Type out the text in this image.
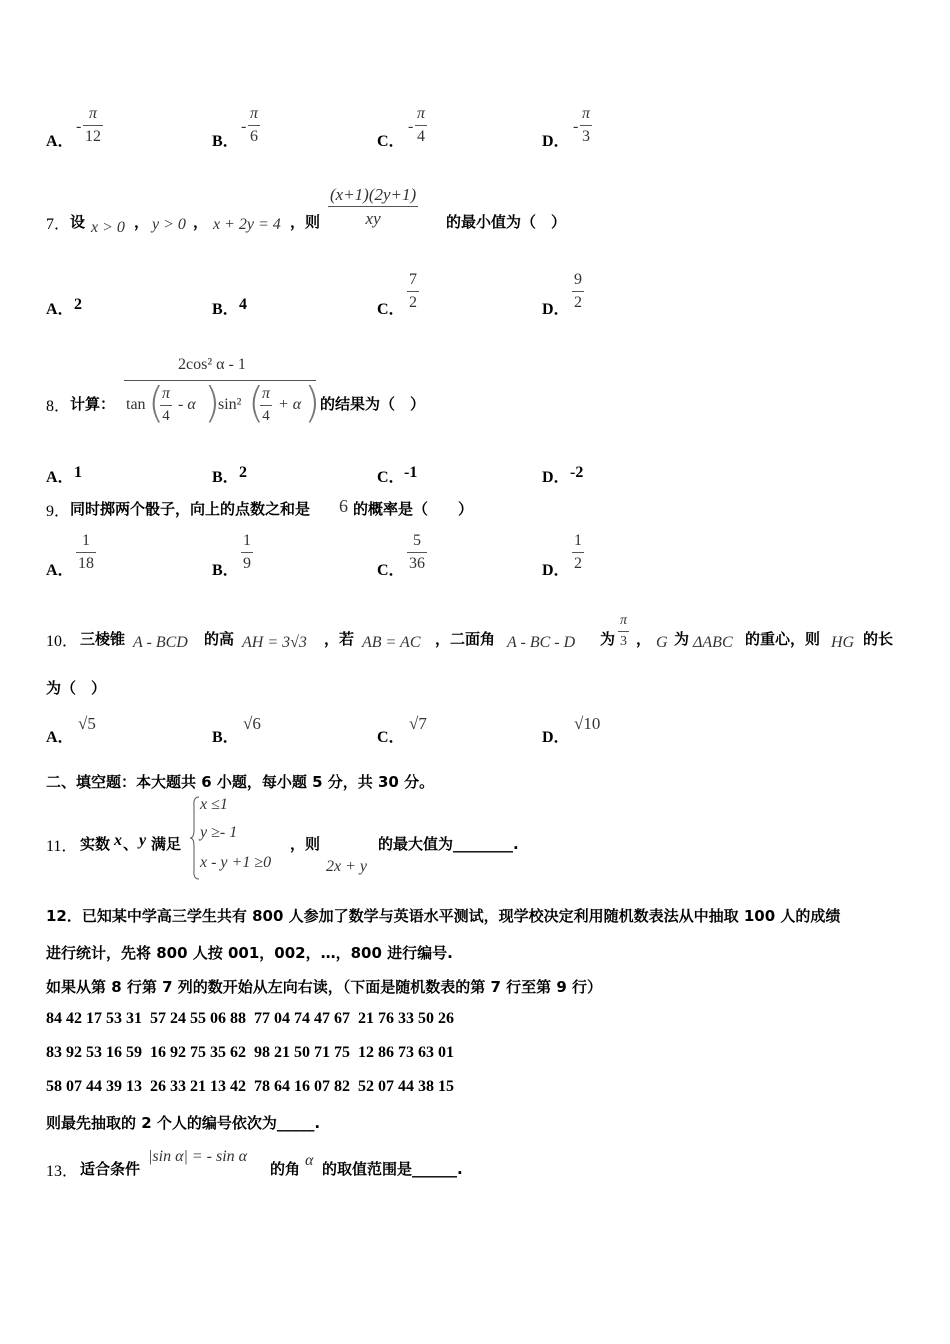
A．
-
π
12	B．
-
π
6	C．
-
π
4	D．
-
π
3
7． 设 x > 0 ， y > 0 ， x + 2y = 4 ，则
(x+1)(2y+1)
xy	的最小值为（　）
A． 2	B． 4	C．
7
2	D．
9
2
8． 计算：
2cos² α - 1
tan (
π
4
- α )
sin² (
π
4
+ α ) 的结果为（　）
A． 1	B． 2	C． -1	D． -2
9． 同时掷两个骰子，向上的点数之和是 6 的概率是（　　）
A．
1
18	B．
1
9	C．
5
36	D．
1
2
10． 三棱锥 A - BCD 的高 AH = 3√3 ，若 AB = AC ，二面角 A - BC - D 为
π
3 ， G 为 ΔABC 的重心，则 HG 的长
为（　）
A．
√5
B．
√6
C．
√7
D．
√10
二、填空题：本大题共 6 小题，每小题 5 分，共 30 分。
11． 实数 x 、 y 满足
x ≤1
y ≥- 1
x - y +1 ≥0
，则
2x + y
的最大值为________.
12．已知某中学高三学生共有 800 人参加了数学与英语水平测试，现学校决定利用随机数表法从中抽取 100 人的成绩
进行统计，先将 800 人按 001，002，…，800 进行编号.
如果从第 8 行第 7 列的数开始从左向右读，（下面是随机数表的第 7 行至第 9 行）
84 42 17 53 31  57 24 55 06 88  77 04 74 47 67  21 76 33 50 26
83 92 53 16 59  16 92 75 35 62  98 21 50 71 75  12 86 73 63 01
58 07 44 39 13  26 33 21 13 42  78 64 16 07 82  52 07 44 38 15
则最先抽取的 2 个人的编号依次为_____.
13． 适合条件
|sin α| = - sin α
的角 α 的取值范围是______.
